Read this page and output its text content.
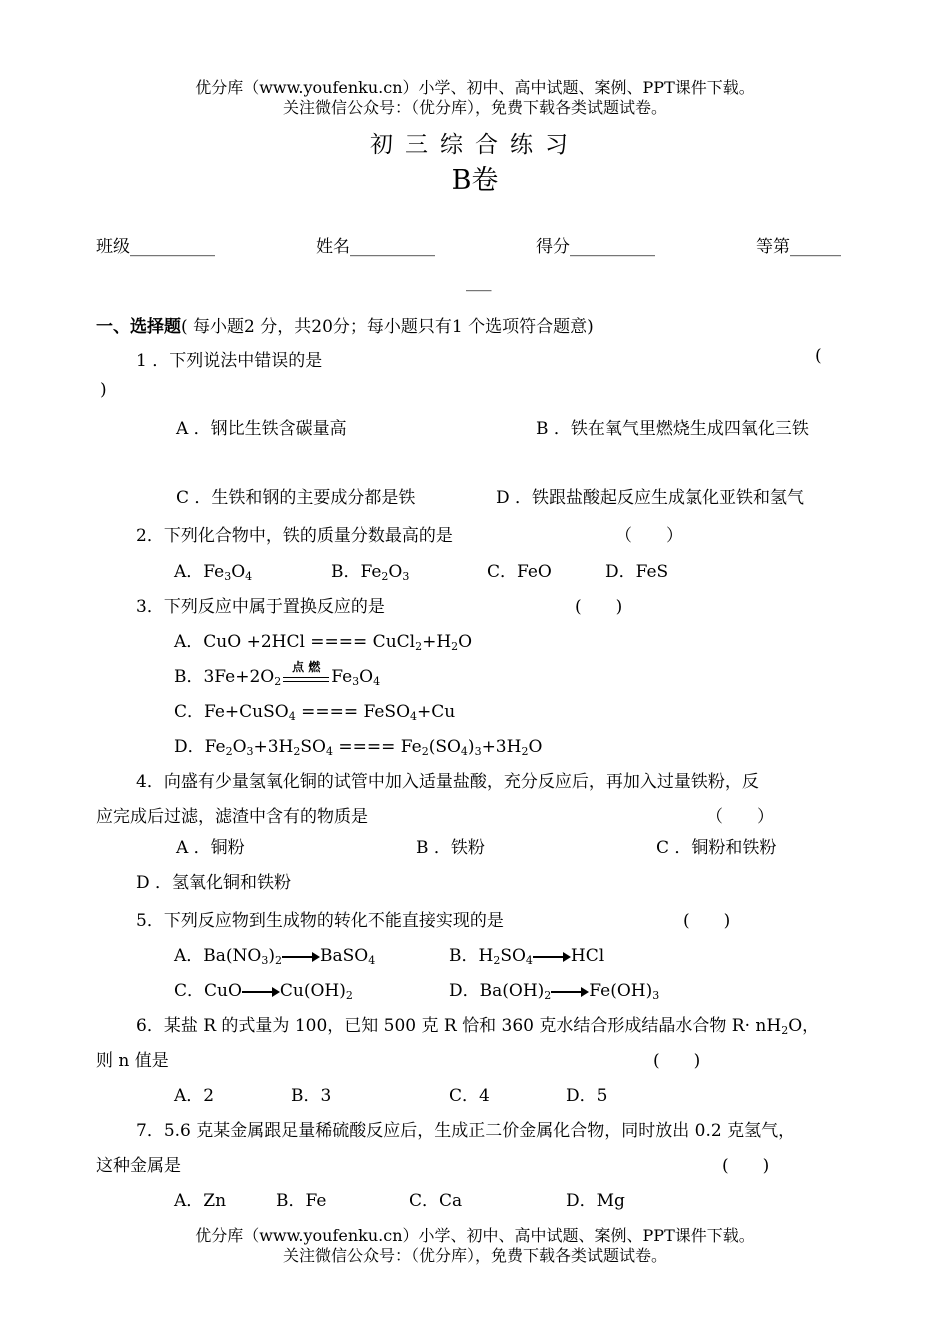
优分库（www.youfenku.cn）小学、初中、高中试题、案例、PPT课件下载。
关注微信公众号：（优分库），免费下载各类试题试卷。
初三综合练习
B卷
班级__________	姓名__________	得分__________	等第______
___
一、选择题( 每小题2 分，共20分；每小题只有1 个选项符合题意)
1 ．下列说法中错误的是	(
)
A ．钢比生铁含碳量高	B ．铁在氧气里燃烧生成四氧化三铁
C ．生铁和钢的主要成分都是铁	D ．铁跟盐酸起反应生成氯化亚铁和氢气
2．下列化合物中，铁的质量分数最高的是	（　　）
A．$Fe_3O_4$	B．$Fe_2O_3$	C．FeO	D．FeS
3．下列反应中属于置换反应的是	(　　)
A．CuO +2HCl ==== $CuCl_2+H_2O$
B．$3Fe+2O_2$
点 燃
$Fe_3O_4$
C．Fe+CuSO$_4$ ==== FeSO$_4$+Cu
D．$Fe_2O_3+3H_2SO_4$ ==== $Fe_2(SO_4)_3+3H_2O$
4．向盛有少量氢氧化铜的试管中加入适量盐酸，充分反应后，再加入过量铁粉，反
应完成后过滤，滤渣中含有的物质是	（　　）
A ．铜粉	B ．铁粉	C ．铜粉和铁粉
D ．氢氧化铜和铁粉
5．下列反应物到生成物的转化不能直接实现的是	(　　)
A．$Ba(NO_3)_2$ BaSO$_4$	B．$H_2SO_4$ HCl
C．CuO $Cu(OH)_2$	D．$Ba(OH)_2$ $Fe(OH)_3$
6．某盐 R 的式量为 100，已知 500 克 R 恰和 360 克水结合形成结晶水合物 $R\cdot nH_2O$，
则 n 值是	(　　)
A．2	B．3	C．4	D．5
7．5.6 克某金属跟足量稀硫酸反应后，生成正二价金属化合物，同时放出 0.2 克氢气，
这种金属是	(　　)
A．Zn	B．Fe	C．Ca	D．Mg
优分库（www.youfenku.cn）小学、初中、高中试题、案例、PPT课件下载。
关注微信公众号：（优分库），免费下载各类试题试卷。
